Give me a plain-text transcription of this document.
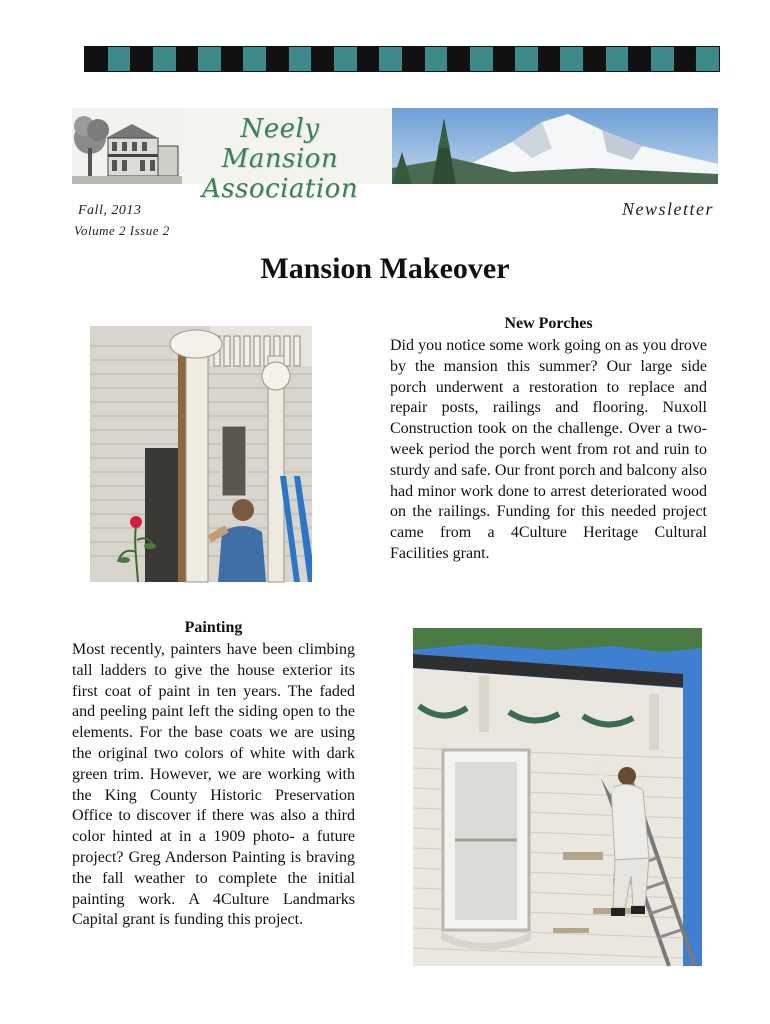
Neely Mansion
Association
Fall, 2013
Volume 2 Issue 2
Newsletter
Mansion Makeover

New Porches

Did you notice some work going on as you drove by the mansion this summer? Our large side porch underwent a restoration to replace and repair posts, railings and flooring. Nuxoll Construction took on the challenge. Over a two-week period the porch went from rot and ruin to sturdy and safe. Our front porch and balcony also had minor work done to arrest deteriorated wood on the railings. Funding for this needed project came from a 4Culture Heritage Cultural Facilities grant.

Painting

Most recently, painters have been climbing tall ladders to give the house exterior its first coat of paint in ten years. The faded and peeling paint left the siding open to the elements. For the base coats we are using the original two colors of white with dark green trim. However, we are working with the King County Historic Preservation Office to discover if there was also a third color hinted at in a 1909 photo- a future project? Greg Anderson Painting is braving the fall weather to complete the initial painting work. A 4Culture Landmarks Capital grant is funding this project.
